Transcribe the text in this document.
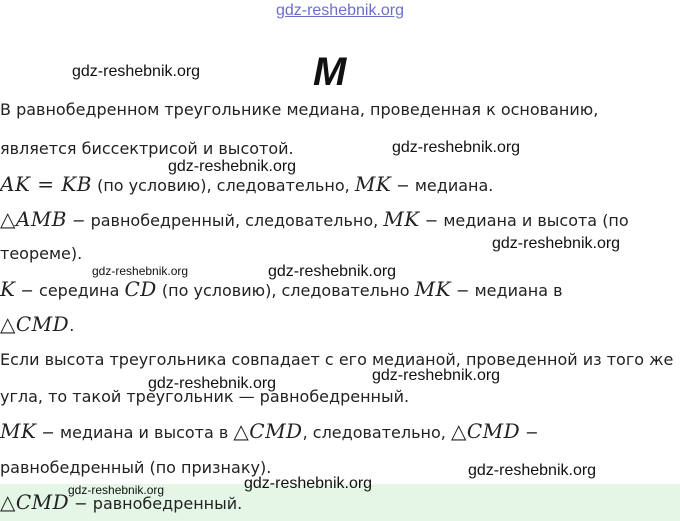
gdz-reshebnik.org
M
В равнобедренном треугольнике медиана, проведенная к основанию,
является биссектрисой и высотой.
AK = KB (по условию), следовательно, MK − медиана.
△AMB − равнобедренный, следовательно, MK − медиана и высота (по
теореме).
K − середина CD (по условию), следовательно MK − медиана в
△CMD.
Если высота треугольника совпадает с его медианой, проведенной из того же
угла, то такой треугольник — равнобедренный.
MK − медиана и высота в △CMD, следовательно, △CMD −
равнобедренный (по признаку).
△CMD − равнобедренный.
gdz-reshebnik.org
gdz-reshebnik.org
gdz-reshebnik.org
gdz-reshebnik.org
gdz-reshebnik.org	gdz-reshebnik.org
gdz-reshebnik.org	gdz-reshebnik.org
gdz-reshebnik.org
gdz-reshebnik.org	gdz-reshebnik.org
